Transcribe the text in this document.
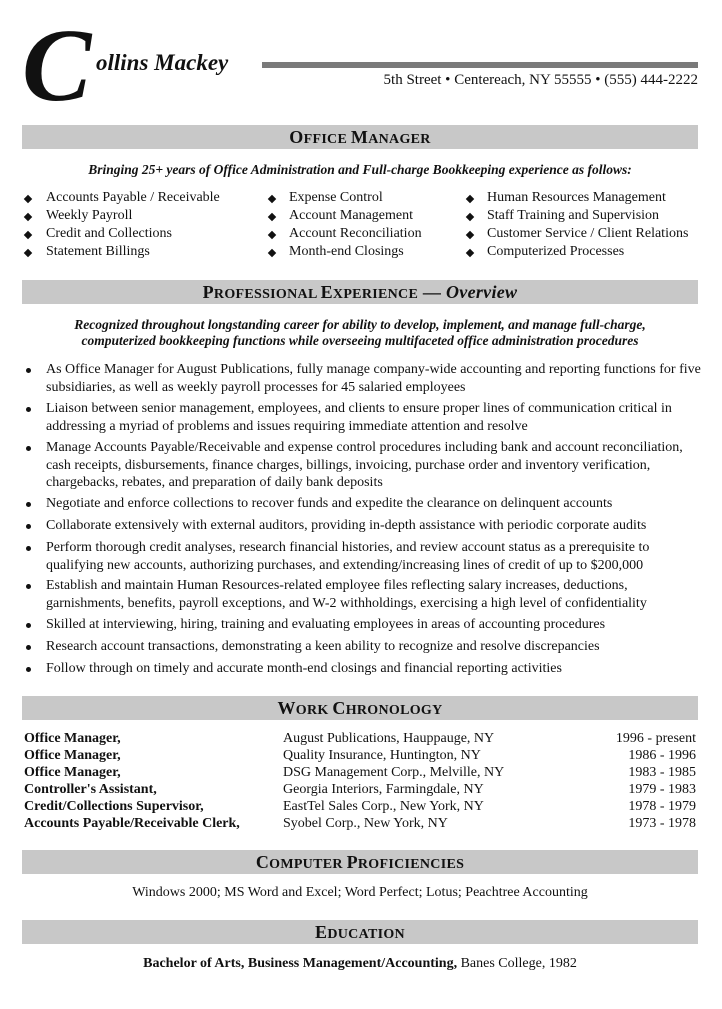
C ollins Mackey
5th Street • Centereach, NY 55555 • (555) 444-2222
OFFICE MANAGER
Bringing 25+ years of Office Administration and Full-charge Bookkeeping experience as follows:
Accounts Payable / Receivable
Weekly Payroll
Credit and Collections
Statement Billings
Expense Control
Account Management
Account Reconciliation
Month-end Closings
Human Resources Management
Staff Training and Supervision
Customer Service / Client Relations
Computerized Processes
PROFESSIONAL EXPERIENCE — Overview
Recognized throughout longstanding career for ability to develop, implement, and manage full-charge,
computerized bookkeeping functions while overseeing multifaceted office administration procedures
As Office Manager for August Publications, fully manage company-wide accounting and reporting functions for five subsidiaries, as well as weekly payroll processes for 45 salaried employees
Liaison between senior management, employees, and clients to ensure proper lines of communication critical in addressing a myriad of problems and issues requiring immediate attention and resolve
Manage Accounts Payable/Receivable and expense control procedures including bank and account reconciliation, cash receipts, disbursements, finance charges, billings, invoicing, purchase order and inventory verification, chargebacks, rebates, and preparation of daily bank deposits
Negotiate and enforce collections to recover funds and expedite the clearance on delinquent accounts
Collaborate extensively with external auditors, providing in-depth assistance with periodic corporate audits
Perform thorough credit analyses, research financial histories, and review account status as a prerequisite to qualifying new accounts, authorizing purchases, and extending/increasing lines of credit of up to $200,000
Establish and maintain Human Resources-related employee files reflecting salary increases, deductions, garnishments, benefits, payroll exceptions, and W-2 withholdings, exercising a high level of confidentiality
Skilled at interviewing, hiring, training and evaluating employees in areas of accounting procedures
Research account transactions, demonstrating a keen ability to recognize and resolve discrepancies
Follow through on timely and accurate month-end closings and financial reporting activities
WORK CHRONOLOGY
Office Manager,	August Publications, Hauppauge, NY	1996 - present
Office Manager,	Quality Insurance, Huntington, NY	1986 - 1996
Office Manager,	DSG Management Corp., Melville, NY	1983 - 1985
Controller's Assistant,	Georgia Interiors, Farmingdale, NY	1979 - 1983
Credit/Collections Supervisor,	EastTel Sales Corp., New York, NY	1978 - 1979
Accounts Payable/Receivable Clerk,	Syobel Corp., New York, NY	1973 - 1978
COMPUTER PROFICIENCIES
Windows 2000; MS Word and Excel; Word Perfect; Lotus; Peachtree Accounting
EDUCATION
Bachelor of Arts, Business Management/Accounting, Banes College, 1982
